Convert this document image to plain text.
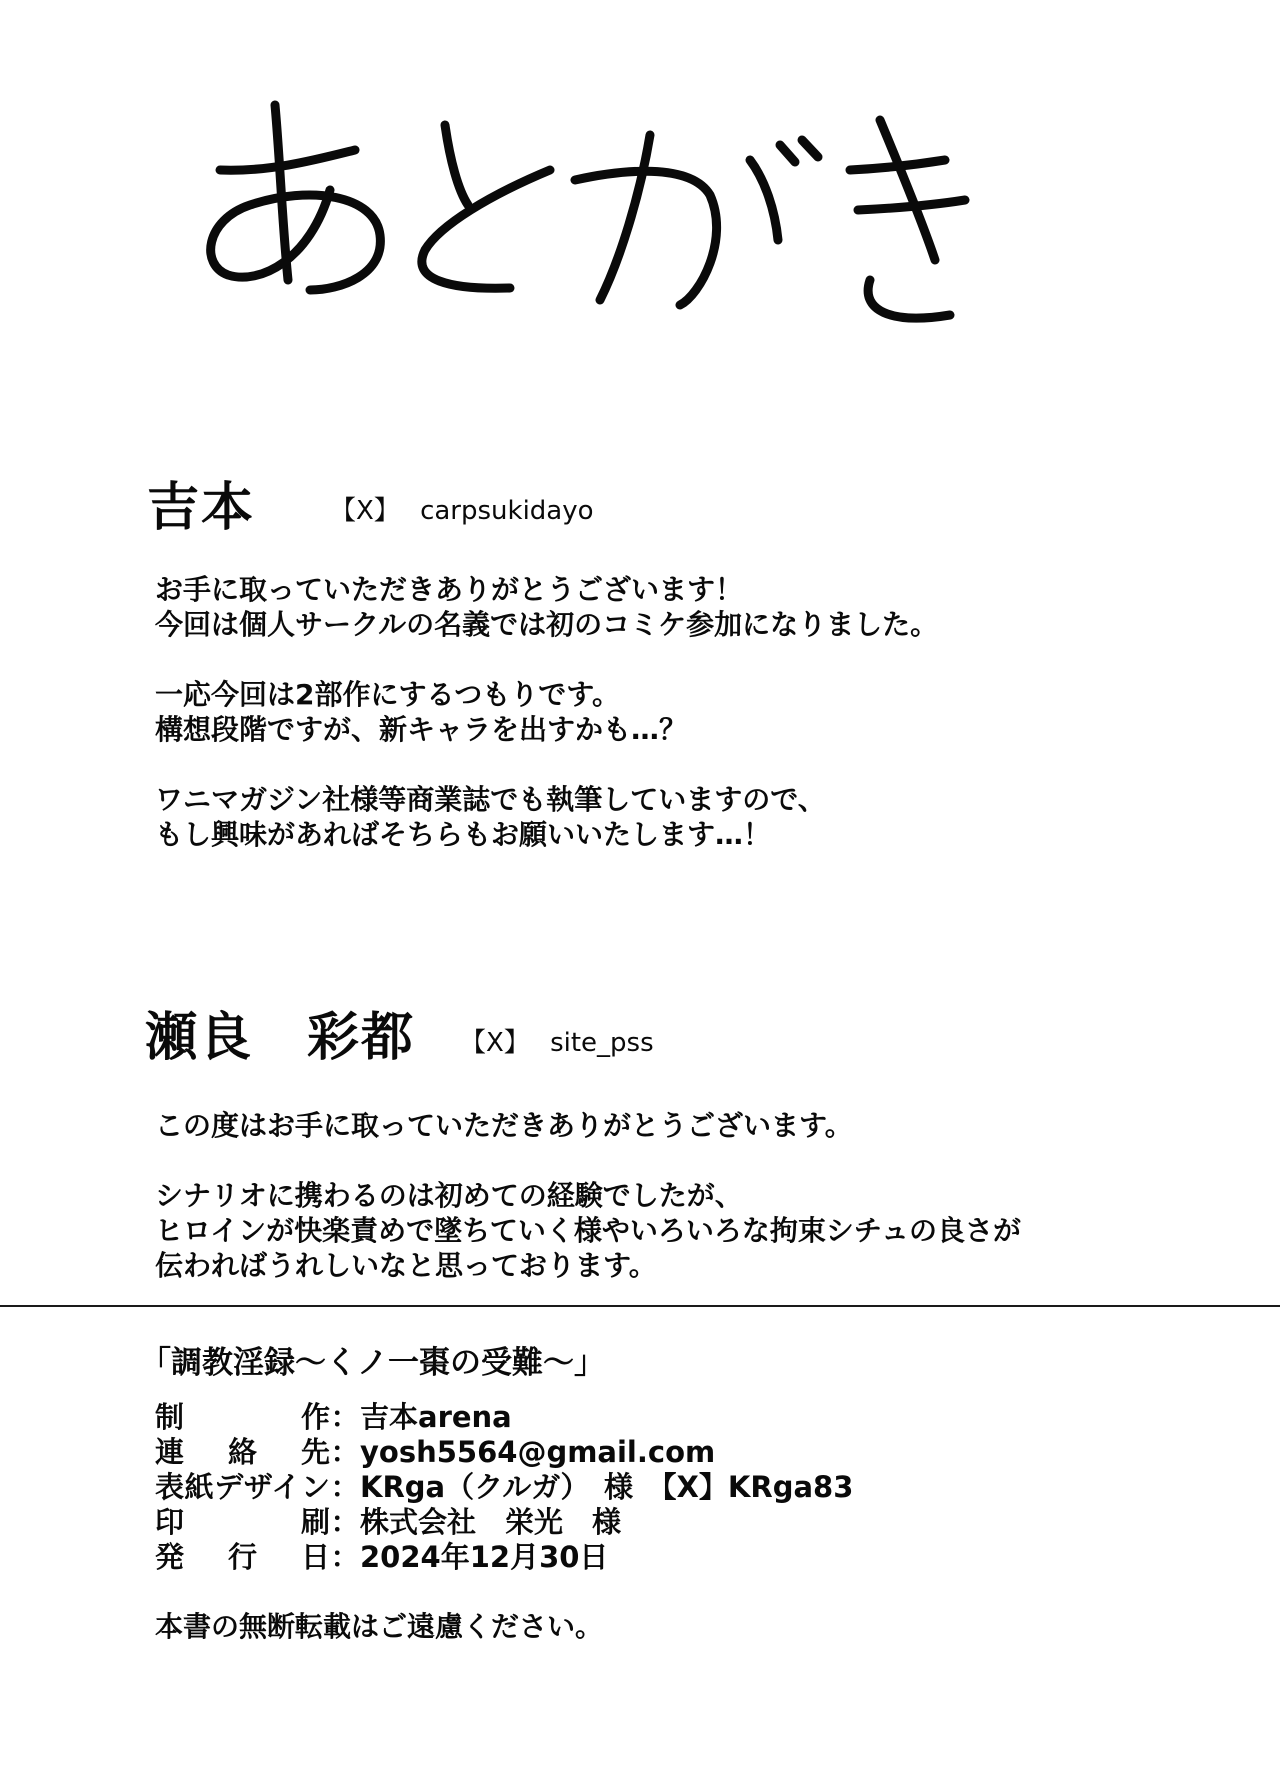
吉本	【X】 carpsukidayo

お手に取っていただきありがとうございます！

今回は個人サークルの名義では初のコミケ参加になりました。

一応今回は2部作にするつもりです。

構想段階ですが、新キャラを出すかも…？

ワニマガジン社様等商業誌でも執筆していますので、

もし興味があればそちらもお願いいたします…！

瀬良　彩都 【X】 site_pss

この度はお手に取っていただきありがとうございます。

シナリオに携わるのは初めての経験でしたが、

ヒロインが快楽責めで墜ちていく様やいろいろな拘束シチュの良さが

伝わればうれしいなと思っております。

「調教淫録〜くノ一棗の受難〜」
制作 ： 吉本arena
連絡先 ： yosh5564@gmail.com
表紙デザイン ： KRga（クルガ）　様　【X】KRga83
印刷 ： 株式会社　栄光　様
発行日 ： 2024年12月30日
本書の無断転載はご遠慮ください。
